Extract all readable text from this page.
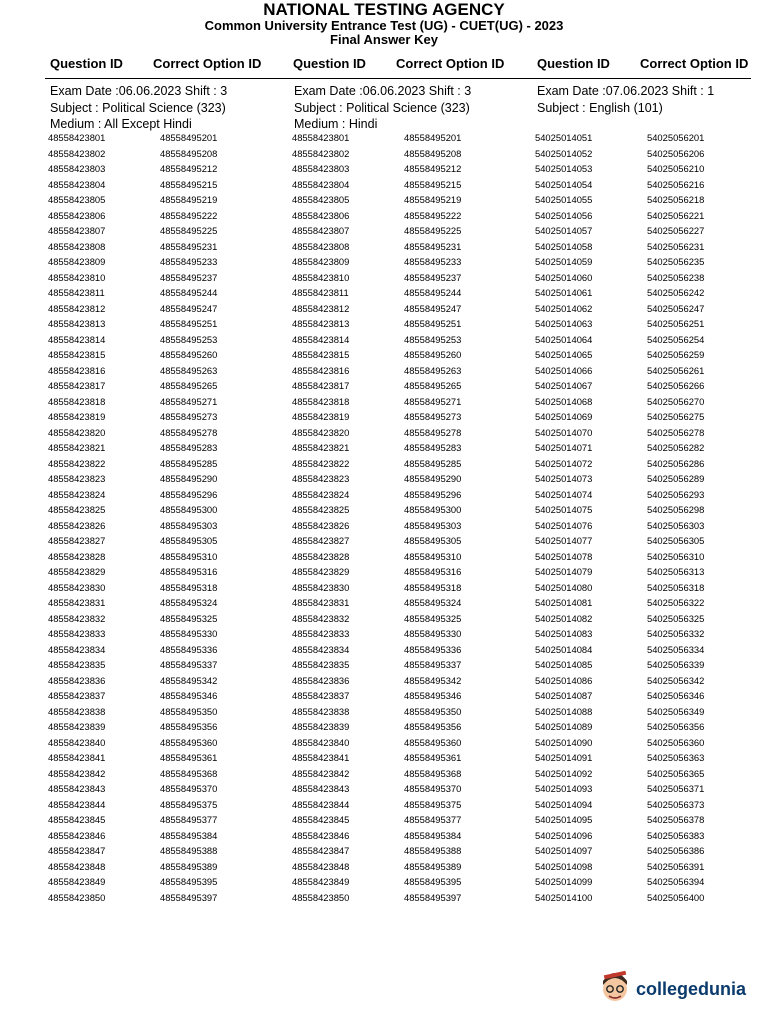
NATIONAL TESTING AGENCY
Common University Entrance Test (UG) - CUET(UG) - 2023
Final Answer Key
Question ID Correct Option ID Question ID Correct Option ID	Question ID Correct Option ID
Exam Date :06.06.2023 Shift : 3
Subject : Political Science (323)
Medium : All Except Hindi
Exam Date :06.06.2023 Shift : 3
Subject : Political Science (323)
Medium : Hindi
Exam Date :07.06.2023 Shift : 1
Subject : English (101)
48558423801	48558495201
48558423802	48558495208
48558423803	48558495212
48558423804	48558495215
48558423805	48558495219
48558423806	48558495222
48558423807	48558495225
48558423808	48558495231
48558423809	48558495233
48558423810	48558495237
48558423811	48558495244
48558423812	48558495247
48558423813	48558495251
48558423814	48558495253
48558423815	48558495260
48558423816	48558495263
48558423817	48558495265
48558423818	48558495271
48558423819	48558495273
48558423820	48558495278
48558423821	48558495283
48558423822	48558495285
48558423823	48558495290
48558423824	48558495296
48558423825	48558495300
48558423826	48558495303
48558423827	48558495305
48558423828	48558495310
48558423829	48558495316
48558423830	48558495318
48558423831	48558495324
48558423832	48558495325
48558423833	48558495330
48558423834	48558495336
48558423835	48558495337
48558423836	48558495342
48558423837	48558495346
48558423838	48558495350
48558423839	48558495356
48558423840	48558495360
48558423841	48558495361
48558423842	48558495368
48558423843	48558495370
48558423844	48558495375
48558423845	48558495377
48558423846	48558495384
48558423847	48558495388
48558423848	48558495389
48558423849	48558495395
48558423850	48558495397
48558423801	48558495201
48558423802	48558495208
48558423803	48558495212
48558423804	48558495215
48558423805	48558495219
48558423806	48558495222
48558423807	48558495225
48558423808	48558495231
48558423809	48558495233
48558423810	48558495237
48558423811	48558495244
48558423812	48558495247
48558423813	48558495251
48558423814	48558495253
48558423815	48558495260
48558423816	48558495263
48558423817	48558495265
48558423818	48558495271
48558423819	48558495273
48558423820	48558495278
48558423821	48558495283
48558423822	48558495285
48558423823	48558495290
48558423824	48558495296
48558423825	48558495300
48558423826	48558495303
48558423827	48558495305
48558423828	48558495310
48558423829	48558495316
48558423830	48558495318
48558423831	48558495324
48558423832	48558495325
48558423833	48558495330
48558423834	48558495336
48558423835	48558495337
48558423836	48558495342
48558423837	48558495346
48558423838	48558495350
48558423839	48558495356
48558423840	48558495360
48558423841	48558495361
48558423842	48558495368
48558423843	48558495370
48558423844	48558495375
48558423845	48558495377
48558423846	48558495384
48558423847	48558495388
48558423848	48558495389
48558423849	48558495395
48558423850	48558495397
54025014051	54025056201
54025014052	54025056206
54025014053	54025056210
54025014054	54025056216
54025014055	54025056218
54025014056	54025056221
54025014057	54025056227
54025014058	54025056231
54025014059	54025056235
54025014060	54025056238
54025014061	54025056242
54025014062	54025056247
54025014063	54025056251
54025014064	54025056254
54025014065	54025056259
54025014066	54025056261
54025014067	54025056266
54025014068	54025056270
54025014069	54025056275
54025014070	54025056278
54025014071	54025056282
54025014072	54025056286
54025014073	54025056289
54025014074	54025056293
54025014075	54025056298
54025014076	54025056303
54025014077	54025056305
54025014078	54025056310
54025014079	54025056313
54025014080	54025056318
54025014081	54025056322
54025014082	54025056325
54025014083	54025056332
54025014084	54025056334
54025014085	54025056339
54025014086	54025056342
54025014087	54025056346
54025014088	54025056349
54025014089	54025056356
54025014090	54025056360
54025014091	54025056363
54025014092	54025056365
54025014093	54025056371
54025014094	54025056373
54025014095	54025056378
54025014096	54025056383
54025014097	54025056386
54025014098	54025056391
54025014099	54025056394
54025014100	54025056400
collegedunia
